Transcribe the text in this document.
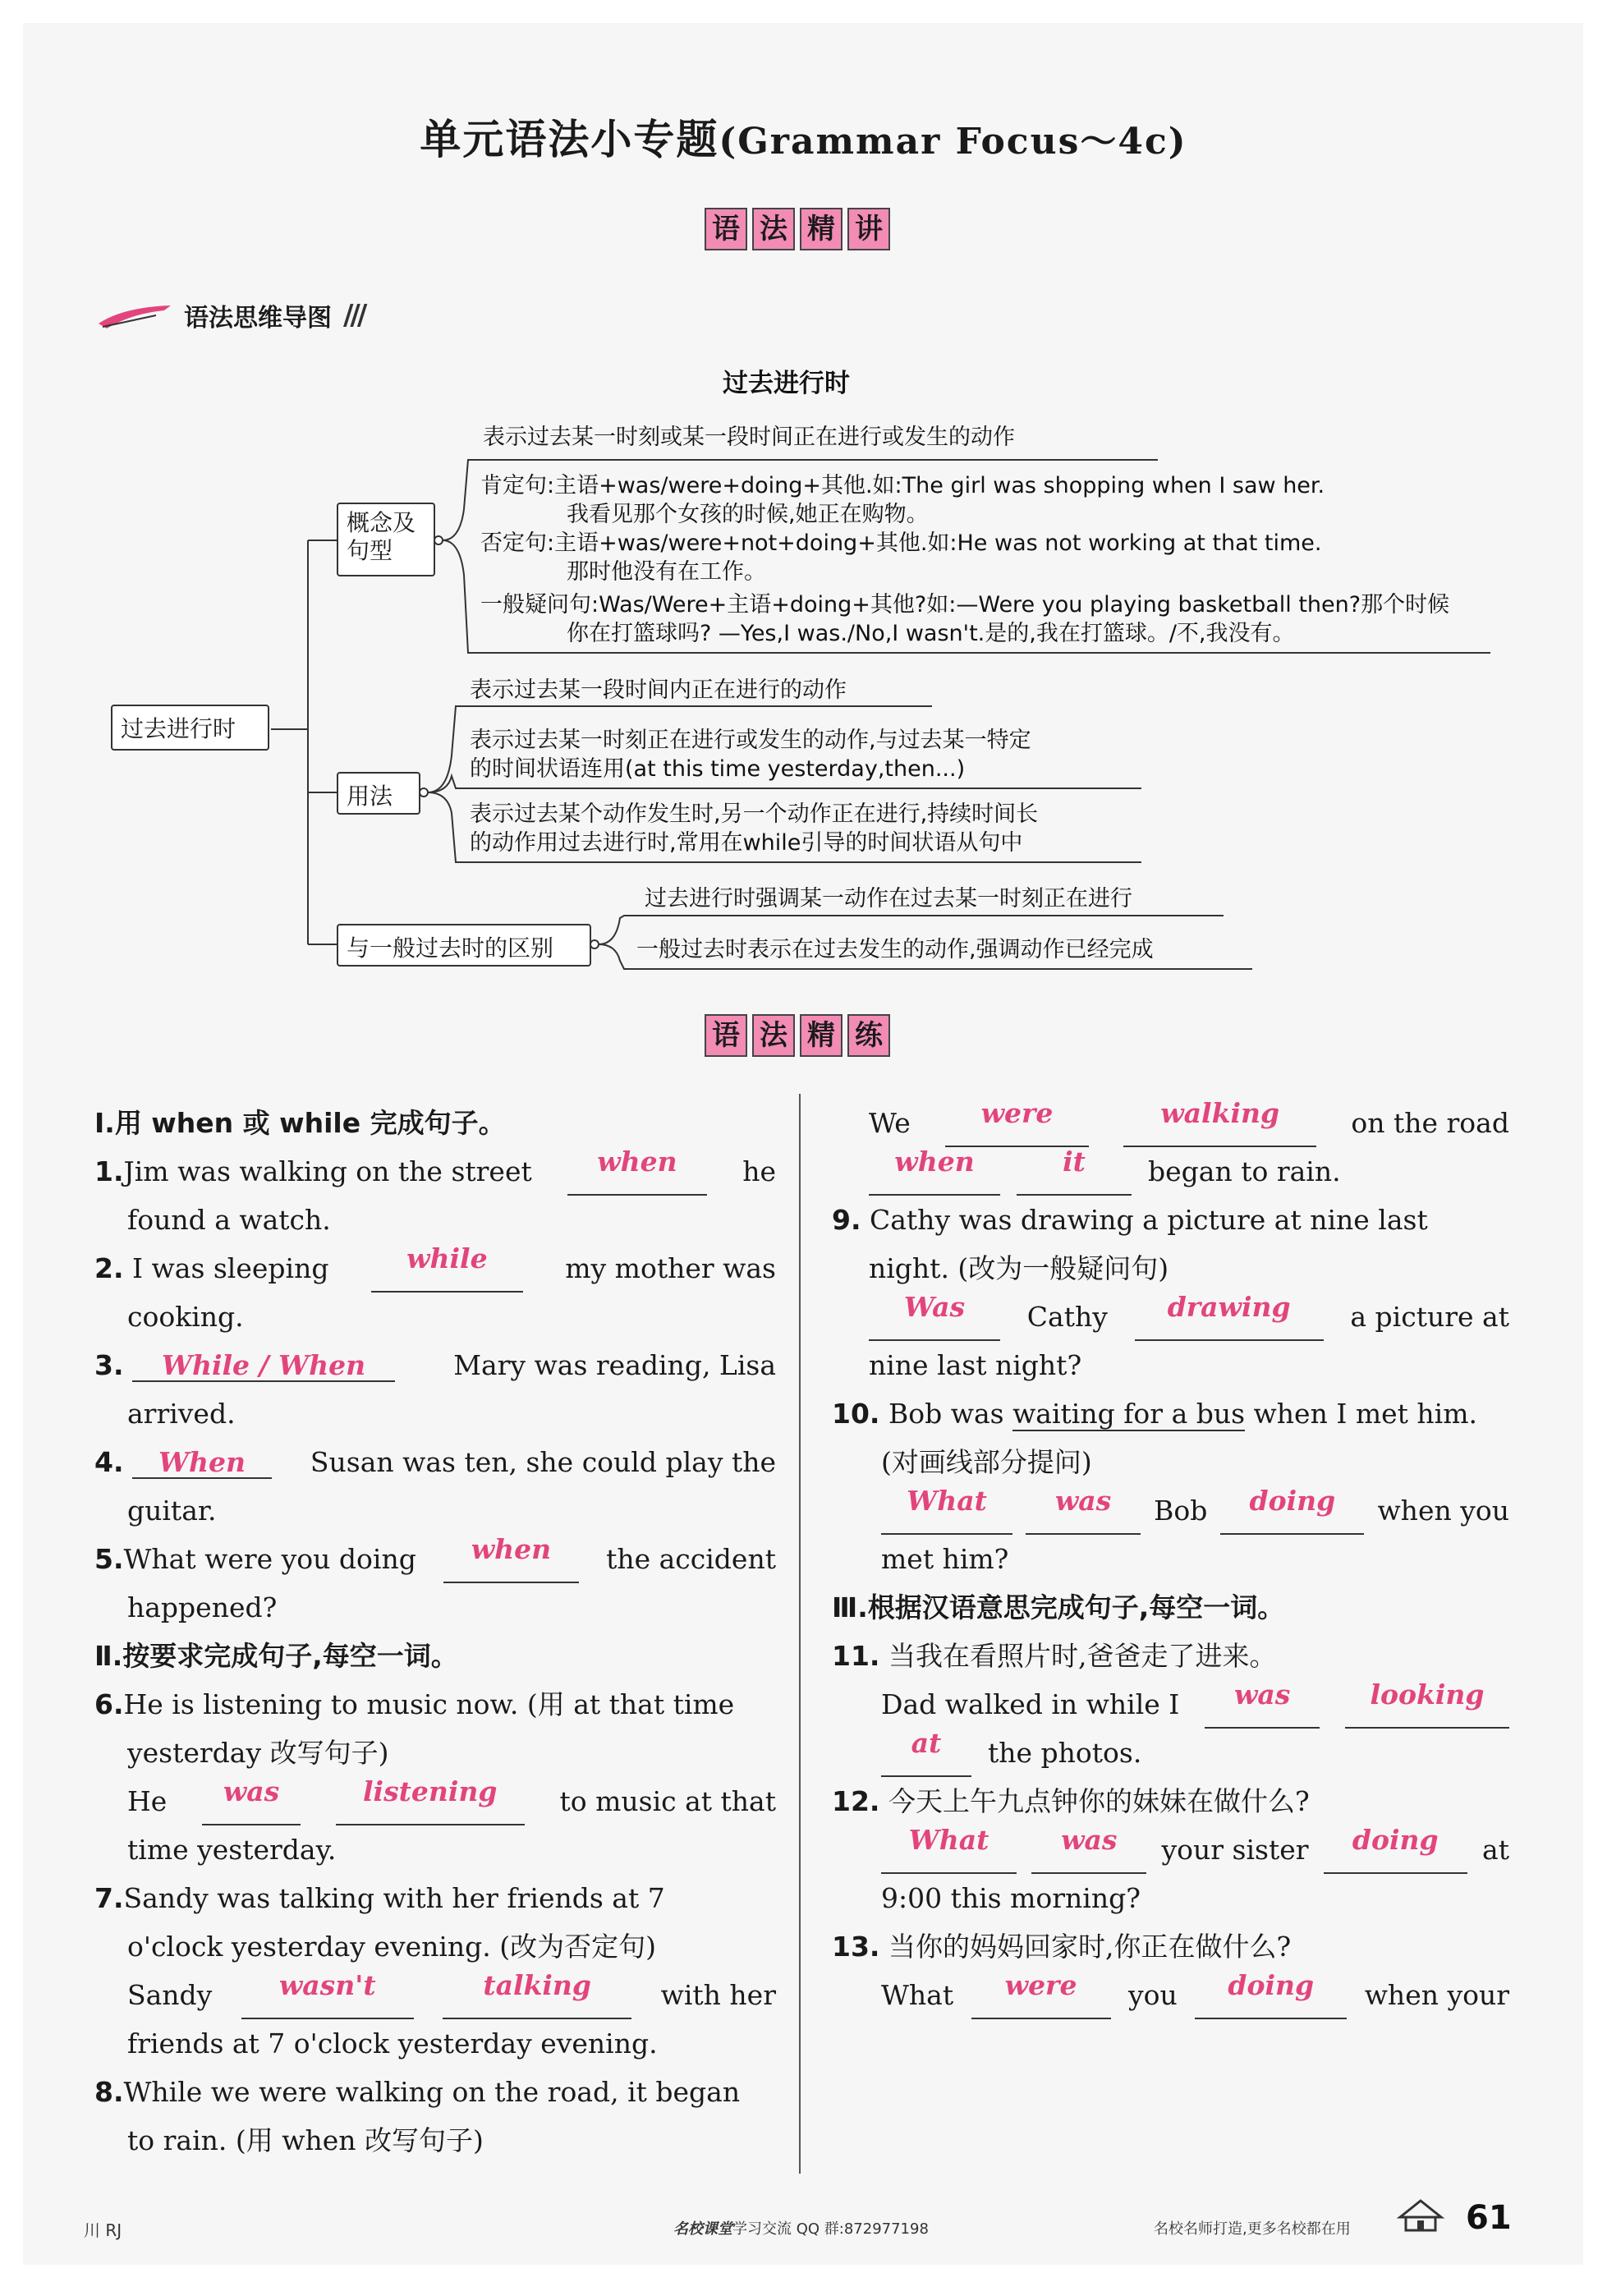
单元语法小专题(Grammar Focus～4c)
语 法 精 讲
语法思维导图 ///
过去进行时
过去进行时
概念及
句型
用法
与一般过去时的区别
表示过去某一时刻或某一段时间正在进行或发生的动作
肯定句:主语+was/were+doing+其他.如:The girl was shopping when I saw her.
我看见那个女孩的时候,她正在购物。
否定句:主语+was/were+not+doing+其他.如:He was not working at that time.
那时他没有在工作。
一般疑问句:Was/Were+主语+doing+其他?如:—Were you playing basketball then?那个时候
你在打篮球吗? —Yes,I was./No,I wasn't.是的,我在打篮球。/不,我没有。
表示过去某一段时间内正在进行的动作
表示过去某一时刻正在进行或发生的动作,与过去某一特定
的时间状语连用(at this time yesterday,then...)
表示过去某个动作发生时,另一个动作正在进行,持续时间长
的动作用过去进行时,常用在while引导的时间状语从句中
过去进行时强调某一动作在过去某一时刻正在进行
一般过去时表示在过去发生的动作,强调动作已经完成
语 法 精 练
Ⅰ.用 when 或 while 完成句子。
1.Jim was walking on the street	when	he
found a watch.
2. I was sleeping	while	my mother was
cooking.
3. While / When	Mary was reading, Lisa
arrived.
4. When	Susan was ten, she could play the
guitar.
5.What were you doing	when	the accident
happened?
Ⅱ.按要求完成句子,每空一词。
6.He is listening to music now. (用 at that time
yesterday 改写句子)
He	was	listening	to music at that
time yesterday.
7.Sandy was talking with her friends at 7
o'clock yesterday evening. (改为否定句)
Sandy	wasn't	talking	with her
friends at 7 o'clock yesterday evening.
8.While we were walking on the road, it began
to rain. (用 when 改写句子)
We	were	walking	on the road
when	it	began to rain.
9. Cathy was drawing a picture at nine last
night. (改为一般疑问句)
Was	Cathy	drawing	a picture at
nine last night?
10. Bob was waiting for a bus when I met him.
(对画线部分提问)
What	was	Bob	doing	when you
met him?
Ⅲ.根据汉语意思完成句子,每空一词。
11. 当我在看照片时,爸爸走了进来。
Dad walked in while I	was	looking
at	the photos.
12. 今天上午九点钟你的妹妹在做什么?
What	was	your sister	doing	at
9:00 this morning?
13. 当你的妈妈回家时,你正在做什么?
What	were	you	doing	when your
川 RJ	名校课堂学习交流 QQ 群:872977198	名校名师打造,更多名校都在用	61
